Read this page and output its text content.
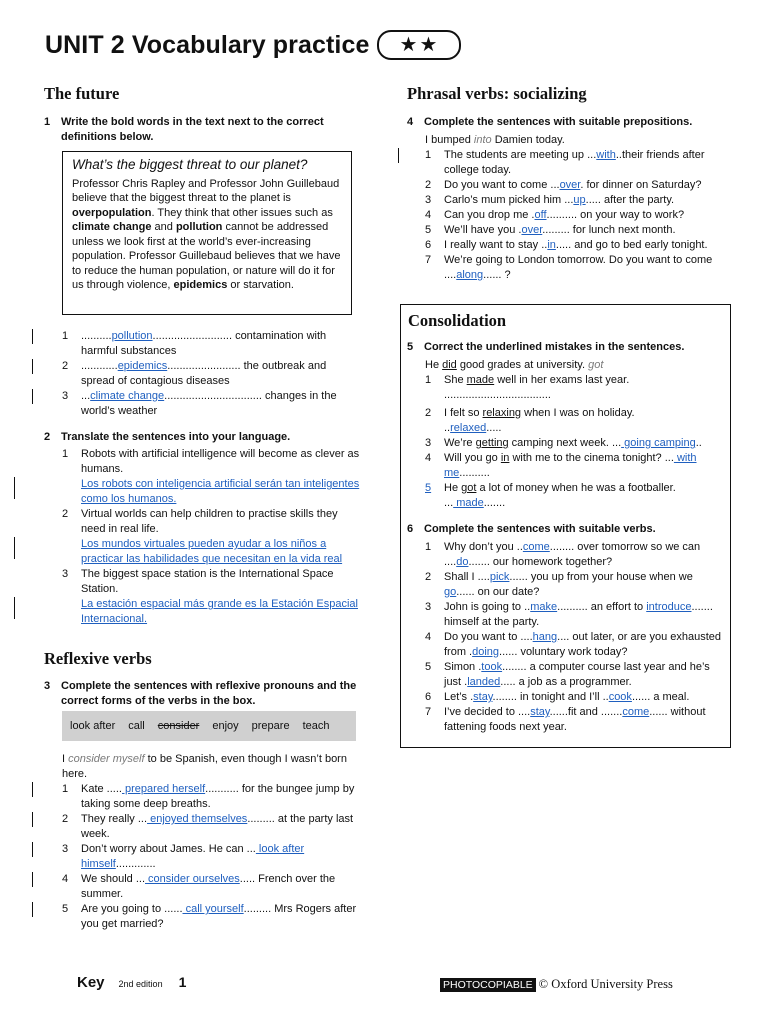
UNIT 2 Vocabulary practice	★★
The future
1 Write the bold words in the text next to the correct definitions below.
What’s the biggest threat to our planet?
Professor Chris Rapley and Professor John Guillebaud believe that the biggest threat to the planet is overpopulation. They think that other issues such as climate change and pollution cannot be addressed unless we look first at the world’s ever-increasing population. Professor Guillebaud believes that we have to reduce the human population, or nature will do it for us through violence, epidemics or starvation.
1	..........pollution.......................... contamination with harmful substances
2	............epidemics........................ the outbreak and spread of contagious diseases
3	...climate change................................ changes in the world’s weather
2 Translate the sentences into your language.
1	Robots with artificial intelligence will become as clever as humans.
Los robots con inteligencia artificial serán tan inteligentes como los humanos.
2	Virtual worlds can help children to practise skills they need in real life.
Los mundos virtuales pueden ayudar a los niños a practicar las habilidades que necesitan en la vida real
3	The biggest space station is the International Space Station.
La estación espacial más grande es la Estación Espacial Internacional.
Reflexive verbs
3 Complete the sentences with reflexive pronouns and the correct forms of the verbs in the box.
look after call consider enjoy prepare teach
I consider myself to be Spanish, even though I wasn’t born here.
1	Kate ..... prepared herself........... for the bungee jump by taking some deep breaths.
2	They really ... enjoyed themselves......... at the party last week.
3	Don’t worry about James. He can ... look after himself.............
4	We should ... consider ourselves..... French over the summer.
5	Are you going to ...... call yourself......... Mrs Rogers after you get married?
Phrasal verbs: socializing
4 Complete the sentences with suitable prepositions.
I bumped into Damien today.
1	The students are meeting up ...with..their friends after college today.
2	Do you want to come ...over. for dinner on Saturday?
3	Carlo’s mum picked him ...up..... after the party.
4	Can you drop me .off.......... on your way to work?
5	We’ll have you .over......... for lunch next month.
6	I really want to stay ..in..... and go to bed early tonight.
7	We’re going to London tomorrow. Do you want to come ....along...... ?
Consolidation
5 Correct the underlined mistakes in the sentences.
He did good grades at university. got
1	She made well in her exams last year.
...................................
2	I felt so relaxing when I was on holiday.
..relaxed.....
3	We’re getting camping next week. ... going camping..
4	Will you go in with me to the cinema tonight? ... with me..........
5	He got a lot of money when he was a footballer.
... made.......
6 Complete the sentences with suitable verbs.
1	Why don’t you ..come........ over tomorrow so we can ....do....... our homework together?
2	Shall I ....pick...... you up from your house when we go...... on our date?
3	John is going to ..make.......... an effort to introduce....... himself at the party.
4	Do you want to ....hang.... out later, or are you exhausted from .doing...... voluntary work today?
5	Simon .took........ a computer course last year and he’s just .landed..... a job as a programmer.
6	Let’s .stay........ in tonight and I’ll ..cook...... a meal.
7	I’ve decided to ....stay......fit and .......come...... without fattening foods next year.
Key 2nd edition 1	PHOTOCOPIABLE © Oxford University Press
